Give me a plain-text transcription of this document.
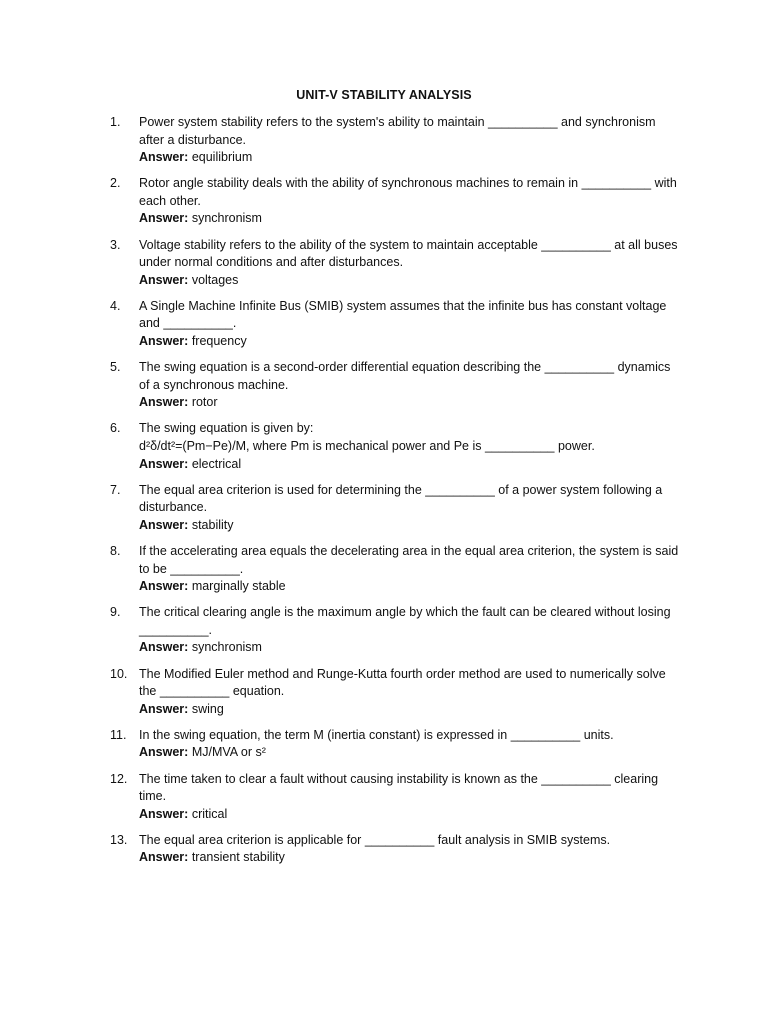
UNIT-V STABILITY ANALYSIS
1.	Power system stability refers to the system's ability to maintain __________ and synchronism after a disturbance.
Answer: equilibrium
2.	Rotor angle stability deals with the ability of synchronous machines to remain in __________ with each other.
Answer: synchronism
3.	Voltage stability refers to the ability of the system to maintain acceptable __________ at all buses under normal conditions and after disturbances.
Answer: voltages
4.	A Single Machine Infinite Bus (SMIB) system assumes that the infinite bus has constant voltage and __________.
Answer: frequency
5.	The swing equation is a second-order differential equation describing the __________ dynamics of a synchronous machine.
Answer: rotor
6.	The swing equation is given by:
d²δ/dt²=(Pm−Pe)/M, where Pm is mechanical power and Pe is __________ power.
Answer: electrical
7.	The equal area criterion is used for determining the __________ of a power system following a disturbance.
Answer: stability
8.	If the accelerating area equals the decelerating area in the equal area criterion, the system is said to be __________.
Answer: marginally stable
9.	The critical clearing angle is the maximum angle by which the fault can be cleared without losing __________.
Answer: synchronism
10. The Modified Euler method and Runge-Kutta fourth order method are used to numerically solve the __________ equation.
Answer: swing
11.	In the swing equation, the term M (inertia constant) is expressed in __________ units.
Answer: MJ/MVA or s²
12. The time taken to clear a fault without causing instability is known as the __________ clearing time.
Answer: critical
13. The equal area criterion is applicable for __________ fault analysis in SMIB systems.
Answer: transient stability
